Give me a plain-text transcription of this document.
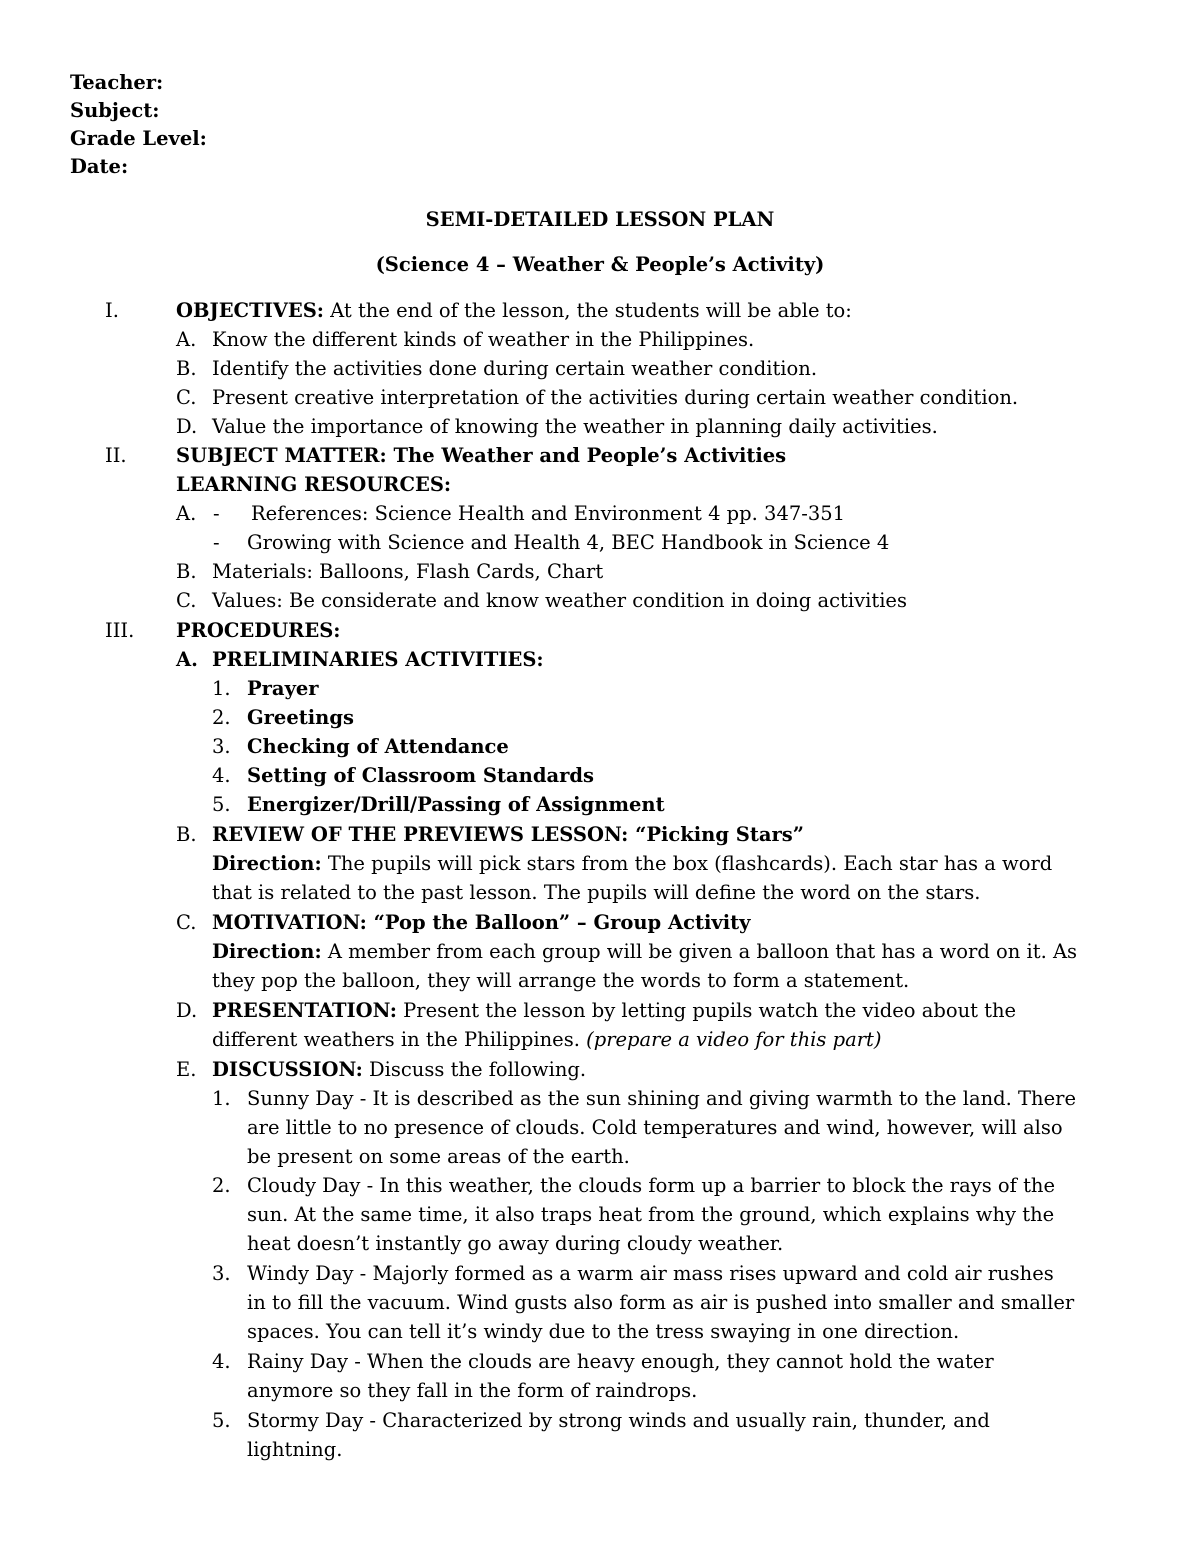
Teacher:
Subject:
Grade Level:
Date:
SEMI-DETAILED LESSON PLAN
(Science 4 – Weather & People’s Activity)
I.	OBJECTIVES: At the end of the lesson, the students will be able to:
A. Know the different kinds of weather in the Philippines.
B. Identify the activities done during certain weather condition.
C. Present creative interpretation of the activities during certain weather condition.
D. Value the importance of knowing the weather in planning daily activities.
II.	SUBJECT MATTER: The Weather and People’s Activities
LEARNING RESOURCES:
A. - References: Science Health and Environment 4 pp. 347-351
- Growing with Science and Health 4, BEC Handbook in Science 4
B. Materials: Balloons, Flash Cards, Chart
C. Values: Be considerate and know weather condition in doing activities
III. PROCEDURES:
A. PRELIMINARIES ACTIVITIES:
1. Prayer
2. Greetings
3. Checking of Attendance
4. Setting of Classroom Standards
5. Energizer/Drill/Passing of Assignment
B. REVIEW OF THE PREVIEWS LESSON: “Picking Stars”
Direction: The pupils will pick stars from the box (flashcards). Each star has a word
that is related to the past lesson. The pupils will define the word on the stars.
C. MOTIVATION: “Pop the Balloon” – Group Activity
Direction: A member from each group will be given a balloon that has a word on it. As
they pop the balloon, they will arrange the words to form a statement.
D. PRESENTATION: Present the lesson by letting pupils watch the video about the
different weathers in the Philippines. (prepare a video for this part)
E. DISCUSSION: Discuss the following.
1. Sunny Day - It is described as the sun shining and giving warmth to the land. There
are little to no presence of clouds. Cold temperatures and wind, however, will also
be present on some areas of the earth.
2. Cloudy Day - In this weather, the clouds form up a barrier to block the rays of the
sun. At the same time, it also traps heat from the ground, which explains why the
heat doesn’t instantly go away during cloudy weather.
3. Windy Day - Majorly formed as a warm air mass rises upward and cold air rushes
in to fill the vacuum. Wind gusts also form as air is pushed into smaller and smaller
spaces. You can tell it’s windy due to the tress swaying in one direction.
4. Rainy Day - When the clouds are heavy enough, they cannot hold the water
anymore so they fall in the form of raindrops.
5. Stormy Day - Characterized by strong winds and usually rain, thunder, and
lightning.
